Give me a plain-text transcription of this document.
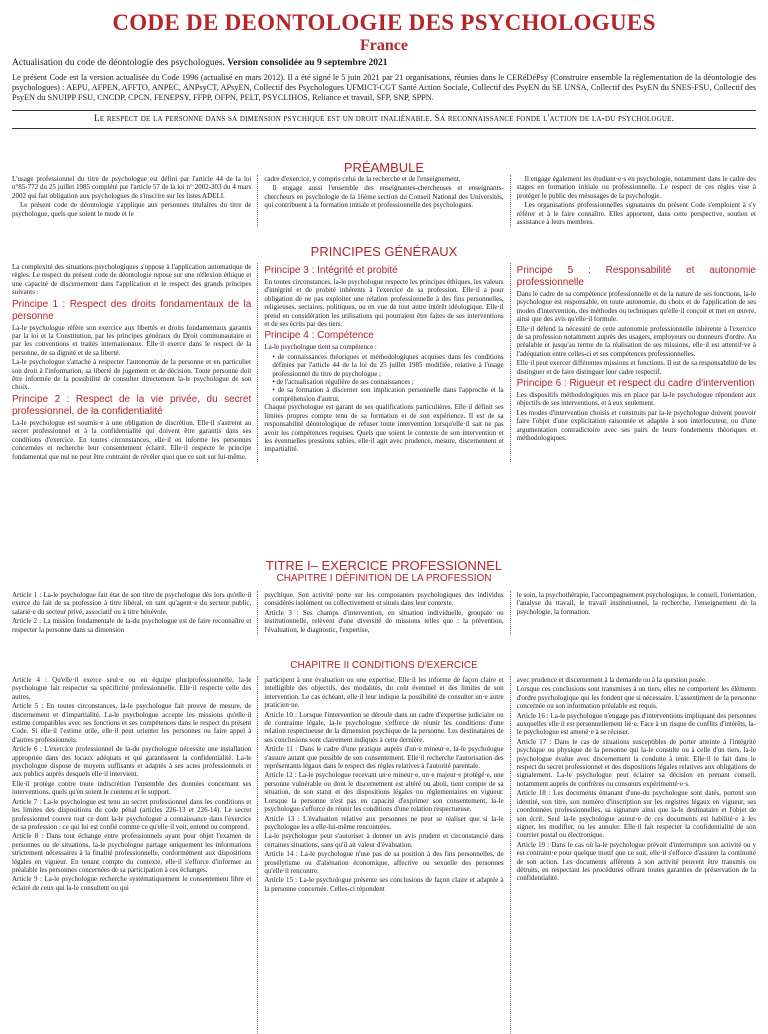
CODE DE DEONTOLOGIE DES PSYCHOLOGUES
France
Actualisation du code de déontologie des psychologues. Version consolidée au 9 septembre 2021
Le présent Code est la version actualisée du Code 1996 (actualisé en mars 2012). Il a été signé le 5 juin 2021 par 21 organisations, réunies dans le CERéDéPsy (Construire ensemble la réglementation de la déontologie des psychologues) : AEPU, AFPEN, AFFTO, ANPEC, ANPsyCT, APsyEN, Collectif des Psychologues UFMICT-CGT Santé Action Sociale, Collectif des PsyEN du SE UNSA, Collectif des PsyEN du SNES-FSU, Collectif des PsyEN du SNUIPP FSU, CNCDP, CPCN, FENEPSY, FFPP, OFPN, PELT, PSYCLIHOS, Reliance et travail, SFP, SNP, SPPN.
Le respect de la personne dans sa dimension psychique est un droit inaliénable. Sa reconnaissance fonde l'action de la-du psychologue.
PRÉAMBULE

L'usage professionnel du titre de psychologue est défini par l'article 44 de la loi n°85-772 du 25 juillet 1985 complété par l'article 57 de la loi n° 2002-303 du 4 mars 2002 qui fait obligation aux psychologues de s'inscrire sur les listes ADELI.

Le présent code de déontologie s'applique aux personnes titulaires du titre de psychologue, quels que soient le mode et le

cadre d'exercice, y compris celui de la recherche et de l'enseignement.

Il engage aussi l'ensemble des enseignantes-chercheuses et enseignants-chercheurs en psychologie de la 16ème section du Conseil National des Universités, qui contribuent à la formation initiale et professionnelle des psychologues.

Il engage également les étudiant·e·s en psychologie, notamment dans le cadre des stages en formation initiale ou professionnelle. Le respect de ces règles vise à protéger le public des mésusages de la psychologie.

Les organisations professionnelles signataires du présent Code s'emploient à s'y référer et à le faire connaître. Elles apportent, dans cette perspective, soutien et assistance à leurs membres.

PRINCIPES GÉNÉRAUX

La complexité des situations psychologiques s'oppose à l'application automatique de règles. Le respect du présent code de déontologie repose sur une réflexion éthique et une capacité de discernement dans l'application et le respect des grands principes suivants :

Principe 1 : Respect des droits fondamentaux de la personne

La-le psychologue réfère son exercice aux libertés et droits fondamentaux garantis par la loi et la Constitution, par les principes généraux du Droit communautaire et par les conventions et traités internationaux. Elle·il exerce dans le respect de la personne, de sa dignité et de sa liberté.

La-le psychologue s'attache à respecter l'autonomie de la personne et en particulier son droit à l'information, sa liberté de jugement et de décision. Toute personne doit être informée de la possibilité de consulter directement la-le psychologue de son choix.

Principe 2 : Respect de la vie privée, du secret professionnel, de la confidentialité

La-le psychologue est soumis·e à une obligation de discrétion. Elle·il s'astreint au secret professionnel et à la confidentialité qui doivent être garantis dans ses conditions d'exercice. En toutes circonstances, elle·il en informe les personnes concernées et recherche leur consentement éclairé. Elle·il respecte le principe fondamental que nul ne peut être contraint de révéler quoi que ce soit sur lui-même.

Principe 3 : Intégrité et probité

En toutes circonstances, la-le psychologue respecte les principes éthiques, les valeurs d'intégrité et de probité inhérents à l'exercice de sa profession. Elle·il a pour obligation de ne pas exploiter une relation professionnelle à des fins personnelles, religieuses, sectaires, politiques, ou en vue de tout autre intérêt idéologique. Elle·il prend en considération les utilisations qui pourraient être faites de ses interventions et de ses écrits par des tiers.

Principe 4 : Compétence

La-le psychologue tient sa compétence :

• de connaissances théoriques et méthodologiques acquises dans les conditions définies par l'article 44 de la loi du 25 juillet 1985 modifiée, relative à l'usage professionnel du titre de psychologue ;
• de l'actualisation régulière de ses connaissances ;
• de sa formation à discerner son implication personnelle dans l'approche et la compréhension d'autrui.

Chaque psychologue est garant de ses qualifications particulières. Elle·il définit ses limites propres compte tenu de sa formation et de son expérience. Il est de sa responsabilité déontologique de refuser toute intervention lorsqu'elle·il sait ne pas avoir les compétences requises. Quels que soient le contexte de son intervention et les éventuelles pressions subies, elle·il agit avec prudence, mesure, discernement et impartialité.

Principe 5 : Responsabilité et autonomie professionnelle

Dans le cadre de sa compétence professionnelle et de la nature de ses fonctions, la-le psychologue est responsable, en toute autonomie, du choix et de l'application de ses modes d'intervention, des méthodes ou techniques qu'elle·il conçoit et met en œuvre, ainsi que des avis qu'elle·il formule.

Elle·il défend la nécessité de cette autonomie professionnelle inhérente à l'exercice de sa profession notamment auprès des usagers, employeurs ou donneurs d'ordre. Au préalable et jusqu'au terme de la réalisation de ses missions, elle·il est attentif·ve à l'adéquation entre celles-ci et ses compétences professionnelles.

Elle·il peut exercer différentes missions et fonctions. Il est de sa responsabilité de les distinguer et de faire distinguer leur cadre respectif.

Principe 6 : Rigueur et respect du cadre d'intervention

Les dispositifs méthodologiques mis en place par la-le psychologue répondent aux objectifs de ses interventions, et à eux seulement.

Les modes d'intervention choisis et construits par la-le psychologue doivent pouvoir faire l'objet d'une explicitation raisonnée et adaptée à son interlocuteur, ou d'une argumentation contradictoire avec ses pairs de leurs fondements théoriques et méthodologiques.

TITRE I– EXERCICE PROFESSIONNEL
CHAPITRE I DÉFINITION DE LA PROFESSION

Article 1 : La-le psychologue fait état de son titre de psychologue dès lors qu'elle·il exerce du fait de sa profession à titre libéral, en tant qu'agent·e du secteur public, salarié·e du secteur privé, associatif ou à titre bénévole.

Article 2 : La mission fondamentale de la-du psychologue est de faire reconnaître et respecter la personne dans sa dimension

psychique. Son activité porte sur les composantes psychologiques des individus considérés isolément ou collectivement et situés dans leur contexte.

Article 3 : Ses champs d'intervention, en situation individuelle, groupale ou institutionnelle, relèvent d'une diversité de missions telles que : la prévention, l'évaluation, le diagnostic, l'expertise,

le soin, la psychothérapie, l'accompagnement psychologique, le conseil, l'orientation, l'analyse du travail, le travail institutionnel, la recherche, l'enseignement de la psychologie, la formation.

CHAPITRE II CONDITIONS D'EXERCICE

Article 4 : Qu'elle·il exerce seul·e ou en équipe pluriprofessionnelle, la-le psychologue fait respecter sa spécificité professionnelle. Elle·il respecte celle des autres.

Article 5 : En toutes circonstances, la-le psychologue fait preuve de mesure, de discernement et d'impartialité. La-le psychologue accepte les missions qu'elle·il estime compatibles avec ses fonctions et ses compétences dans le respect du présent Code. Si elle·il l'estime utile, elle·il peut orienter les personnes ou faire appel à d'autres professionnels.

Article 6 : L'exercice professionnel de la-du psychologue nécessite une installation appropriée dans des locaux adéquats et qui garantissent la confidentialité. La-le psychologue dispose de moyens suffisants et adaptés à ses actes professionnels et aux publics auprès desquels elle·il intervient.

Elle·il protège contre toute indiscrétion l'ensemble des données concernant ses interventions, quels qu'en soient le contenu et le support.

Article 7 : La-le psychologue est tenu au secret professionnel dans les conditions et les limites des dispositions du code pénal (articles 226-13 et 226-14). Le secret professionnel couvre tout ce dont la-le psychologue a connaissance dans l'exercice de sa profession : ce qui lui est confié comme ce qu'elle·il voit, entend ou comprend.

Article 8 : Dans tout échange entre professionnels ayant pour objet l'examen de personnes ou de situations, la-le psychologue partage uniquement les informations strictement nécessaires à la finalité professionnelle, conformément aux dispositions légales en vigueur. En tenant compte du contexte, elle·il s'efforce d'informer au préalable les personnes concernées de sa participation à ces échanges.

Article 9 : La-le psychologue recherche systématiquement le consentement libre et éclairé de ceux qui la-le consultent ou qui

participent à une évaluation ou une expertise. Elle·il les informe de façon claire et intelligible des objectifs, des modalités, du coût éventuel et des limites de son intervention. Le cas échéant, elle·il leur indique la possibilité de consulter un·e autre praticien·ne.

Article 10 : Lorsque l'intervention se déroule dans un cadre d'expertise judiciaire ou de contrainte légale, la-le psychologue s'efforce de réunir les conditions d'une relation respectueuse de la dimension psychique de la personne. Les destinataires de ses conclusions sont clairement indiqués à cette dernière.

Article 11 : Dans le cadre d'une pratique auprès d'un·e mineur·e, la-le psychologue s'assure autant que possible de son consentement. Elle·il recherche l'autorisation des représentants légaux dans le respect des règles relatives à l'autorité parentale.

Article 12 : La-le psychologue recevant un·e mineur·e, un·e majeur·e protégé·e, une personne vulnérable ou dont le discernement est altéré ou aboli, tient compte de sa situation, de son statut et des dispositions légales ou réglementaires en vigueur. Lorsque la personne n'est pas en capacité d'exprimer son consentement, la-le psychologue s'efforce de réunir les conditions d'une relation respectueuse.

Article 13 : L'évaluation relative aux personnes ne peut se réaliser que si la-le psychologue les a elle-lui-même rencontrées.

La-le psychologue peut s'autoriser à donner un avis prudent et circonstancié dans certaines situations, sans qu'il ait valeur d'évaluation.

Article 14 : La-le psychologue n'use pas de sa position à des fins personnelles, de prosélytisme ou d'aliénation économique, affective ou sexuelle des personnes qu'elle·il rencontre.

Article 15 : La-le psychologue présente ses conclusions de façon claire et adaptée à la personne concernée. Celles-ci répondent

avec prudence et discernement à la demande ou à la question posée.

Lorsque ces conclusions sont transmises à un tiers, elles ne comportent les éléments d'ordre psychologique qui les fondent que si nécessaire. L'assentiment de la personne concernée ou son information préalable est requis.

Article 16 : La-le psychologue n'engage pas d'interventions impliquant des personnes auxquelles elle·il est personnellement lié·e. Face à un risque de conflits d'intérêts, la-le psychologue est amené·e à se récuser.

Article 17 : Dans le cas de situations susceptibles de porter atteinte à l'intégrité psychique ou physique de la personne qui la-le consulte ou à celle d'un tiers, la-le psychologue évalue avec discernement la conduite à tenir. Elle·il le fait dans le respect du secret professionnel et des dispositions légales relatives aux obligations de signalement. La-le psychologue peut éclairer sa décision en prenant conseil, notamment auprès de confrères ou consœurs expérimenté·e·s.

Article 18 : Les documents émanant d'une-du psychologue sont datés, portent son identité, son titre, son numéro d'inscription sur les registres légaux en vigueur, ses coordonnées professionnelles, sa signature ainsi que la-le destinataire et l'objet de son écrit. Seul la-le psychologue auteur·e de ces documents est habilité·e à les signer, les modifier, ou les annuler. Elle·il fait respecter la confidentialité de son courrier postal ou électronique.

Article 19 : Dans le cas où la-le psychologue prévoit d'interrompre son activité ou y est contraint·e pour quelque motif que ce soit, elle·il s'efforce d'assurer la continuité de son action. Les documents afférents à son activité peuvent être transmis ou détruits, en respectant les procédures offrant toutes garanties de préservation de la confidentialité.
